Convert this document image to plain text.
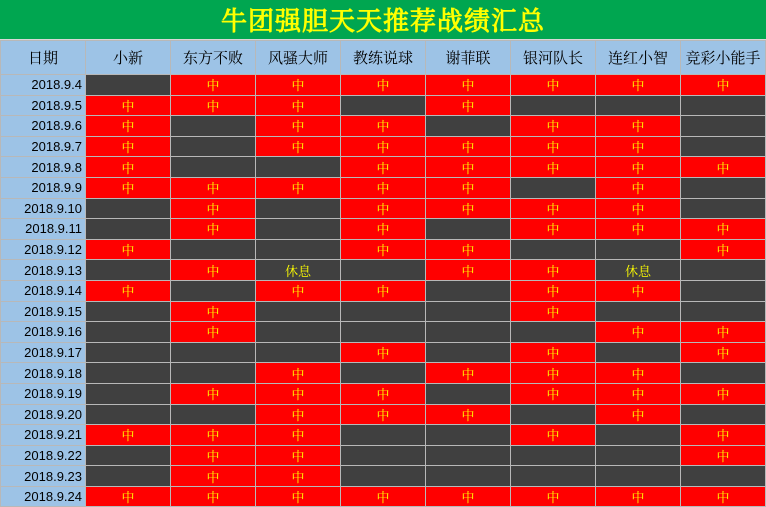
牛团强胆天天推荐战绩汇总
日期	小新	东方不败	风骚大师	教练说球	谢菲联	银河队长	连红小智	竞彩小能手
2018.9.4		中	中	中	中	中	中	中
2018.9.5	中	中	中		中			
2018.9.6	中		中	中		中	中	
2018.9.7	中		中	中	中	中	中	
2018.9.8	中			中	中	中	中	中
2018.9.9	中	中	中	中	中		中	
2018.9.10		中		中	中	中	中	
2018.9.11		中		中		中	中	中
2018.9.12	中			中	中			中
2018.9.13		中	休息		中	中	休息	
2018.9.14	中		中	中		中	中	
2018.9.15		中				中		
2018.9.16		中					中	中
2018.9.17				中		中		中
2018.9.18			中		中	中	中	
2018.9.19		中	中	中		中	中	中
2018.9.20			中	中	中		中	
2018.9.21	中	中	中			中		中
2018.9.22		中	中					中
2018.9.23		中	中					
2018.9.24	中	中	中	中	中	中	中	中
